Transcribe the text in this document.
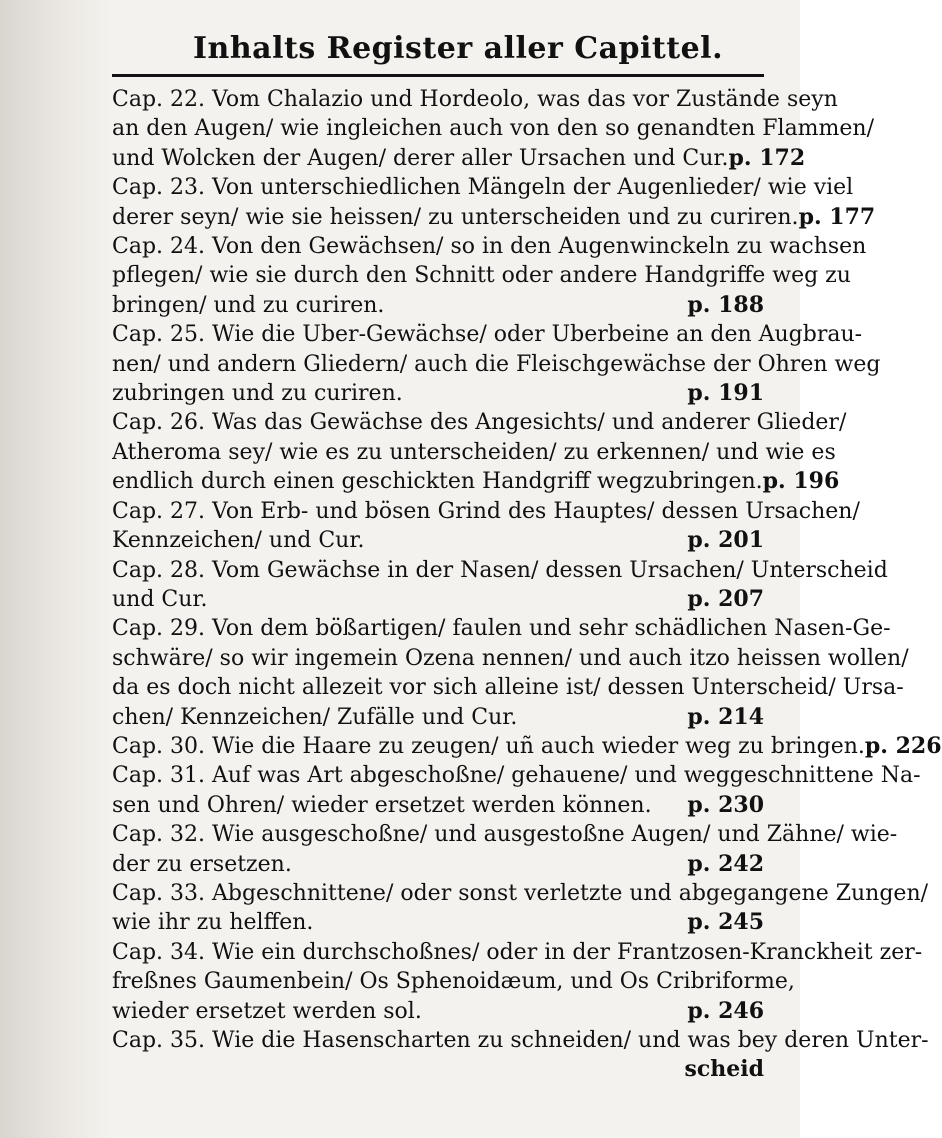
Inhalts Register aller Capittel.
Cap. 22. Vom Chalazio und Hordeolo, was das vor Zustände seyn
an den Augen/ wie ingleichen auch von den so genandten Flammen/
und Wolcken der Augen/ derer aller Ursachen und Cur. p. 172
Cap. 23. Von unterschiedlichen Mängeln der Augenlieder/ wie viel
derer seyn/ wie sie heissen/ zu unterscheiden und zu curiren. p. 177
Cap. 24. Von den Gewächsen/ so in den Augenwinckeln zu wachsen
pflegen/ wie sie durch den Schnitt oder andere Handgriffe weg zu
bringen/ und zu curiren.	p. 188
Cap. 25. Wie die Uber-Gewächse/ oder Uberbeine an den Augbrau-
nen/ und andern Gliedern/ auch die Fleischgewächse der Ohren weg
zubringen und zu curiren.	p. 191
Cap. 26. Was das Gewächse des Angesichts/ und anderer Glieder/
Atheroma sey/ wie es zu unterscheiden/ zu erkennen/ und wie es
endlich durch einen geschickten Handgriff wegzubringen. p. 196
Cap. 27. Von Erb- und bösen Grind des Hauptes/ dessen Ursachen/
Kennzeichen/ und Cur.	p. 201
Cap. 28. Vom Gewächse in der Nasen/ dessen Ursachen/ Unterscheid
und Cur.	p. 207
Cap. 29. Von dem bößartigen/ faulen und sehr schädlichen Nasen-Ge-
schwäre/ so wir ingemein Ozena nennen/ und auch itzo heissen wollen/
da es doch nicht allezeit vor sich alleine ist/ dessen Unterscheid/ Ursa-
chen/ Kennzeichen/ Zufälle und Cur.	p. 214
Cap. 30. Wie die Haare zu zeugen/ uñ auch wieder weg zu bringen. p. 226
Cap. 31. Auf was Art abgeschoßne/ gehauene/ und weggeschnittene Na-
sen und Ohren/ wieder ersetzet werden können. p. 230
Cap. 32. Wie ausgeschoßne/ und ausgestoßne Augen/ und Zähne/ wie-
der zu ersetzen.	p. 242
Cap. 33. Abgeschnittene/ oder sonst verletzte und abgegangene Zungen/
wie ihr zu helffen.	p. 245
Cap. 34. Wie ein durchschoßnes/ oder in der Frantzosen-Kranckheit zer-
freßnes Gaumenbein/ Os Sphenoidæum, und Os Cribriforme,
wieder ersetzet werden sol.	p. 246
Cap. 35. Wie die Hasenscharten zu schneiden/ und was bey deren Unter-
scheid
